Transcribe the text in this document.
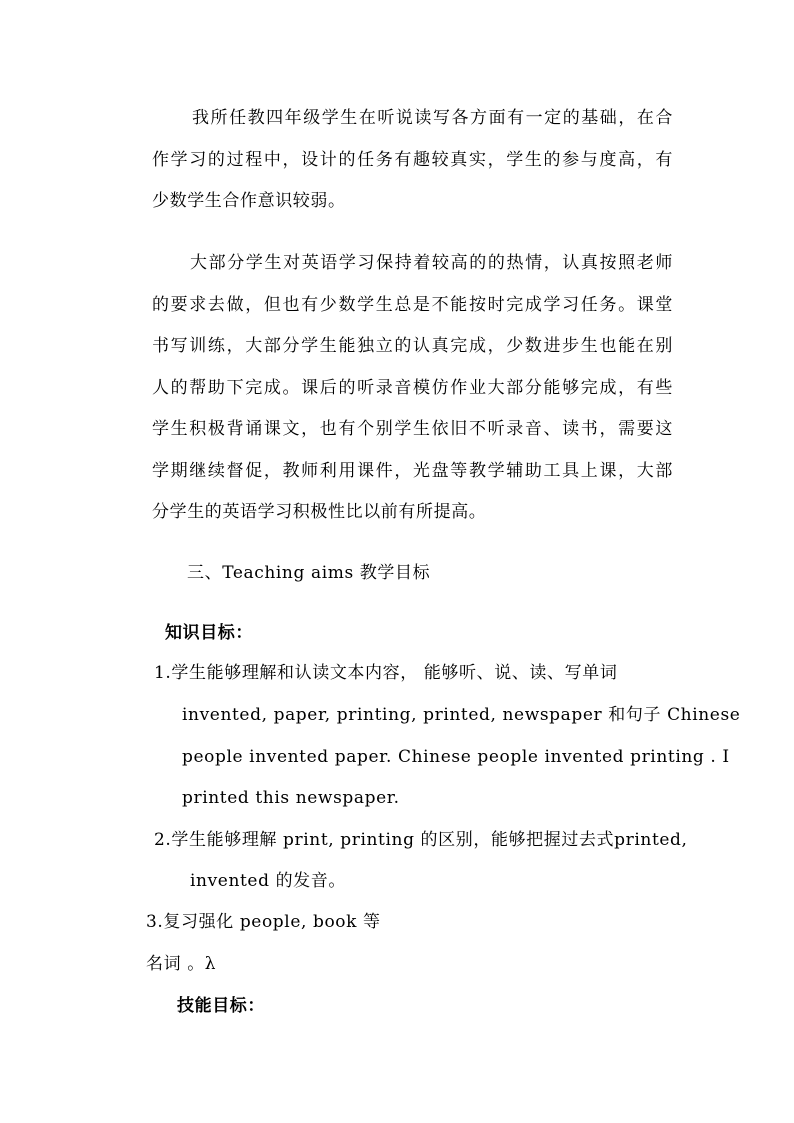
我所任教四年级学生在听说读写各方面有一定的基础，在合
作学习的过程中，设计的任务有趣较真实，学生的参与度高，有
少数学生合作意识较弱。
大部分学生对英语学习保持着较高的的热情，认真按照老师
的要求去做，但也有少数学生总是不能按时完成学习任务。课堂
书写训练，大部分学生能独立的认真完成，少数进步生也能在别
人的帮助下完成。课后的听录音模仿作业大部分能够完成，有些
学生积极背诵课文，也有个别学生依旧不听录音、读书，需要这
学期继续督促，教师利用课件，光盘等教学辅助工具上课，大部
分学生的英语学习积极性比以前有所提高。
三、Teaching aims 教学目标
知识目标：
1.学生能够理解和认读文本内容， 能够听、说、读、写单词
invented, paper, printing, printed, newspaper 和句子 Chinese
people invented paper. Chinese people invented printing . I
printed this newspaper.
2.学生能够理解 print, printing 的区别，能够把握过去式printed,
invented 的发音。
3.复习强化 people, book 等
名词 。λ
技能目标：
